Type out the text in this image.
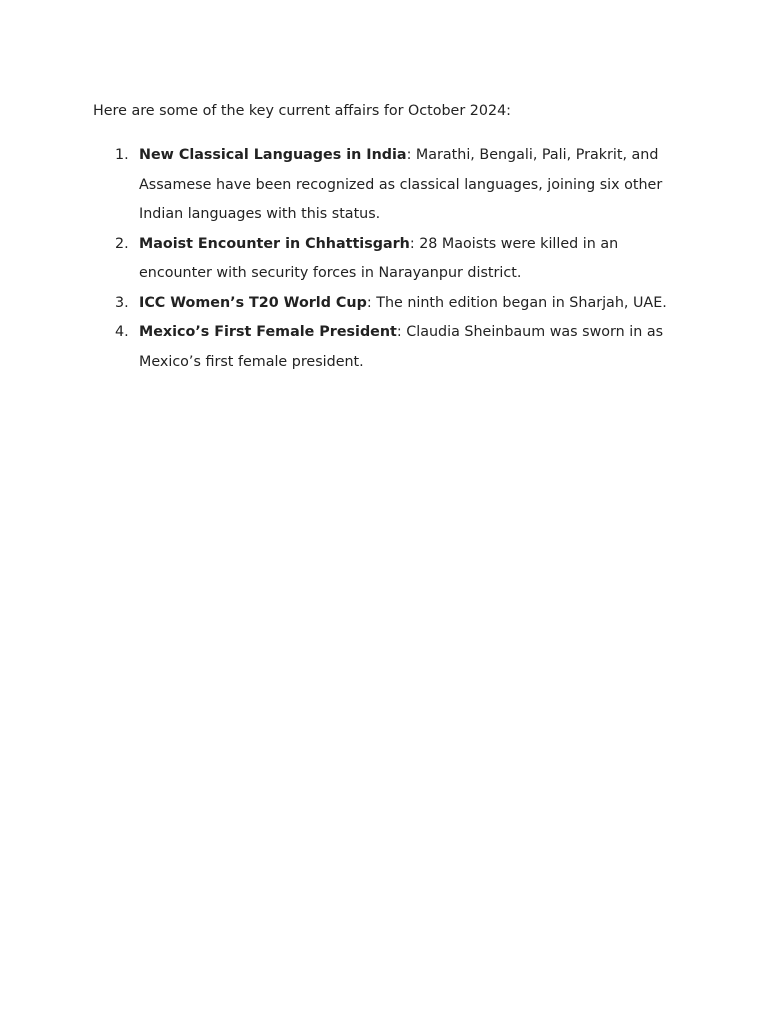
Here are some of the key current affairs for October 2024:

1. New Classical Languages in India: Marathi, Bengali, Pali, Prakrit, and Assamese have been recognized as classical languages, joining six other Indian languages with this status.
2. Maoist Encounter in Chhattisgarh: 28 Maoists were killed in an encounter with security forces in Narayanpur district.
3. ICC Women’s T20 World Cup: The ninth edition began in Sharjah, UAE.
4. Mexico’s First Female President: Claudia Sheinbaum was sworn in as Mexico’s first female president.
